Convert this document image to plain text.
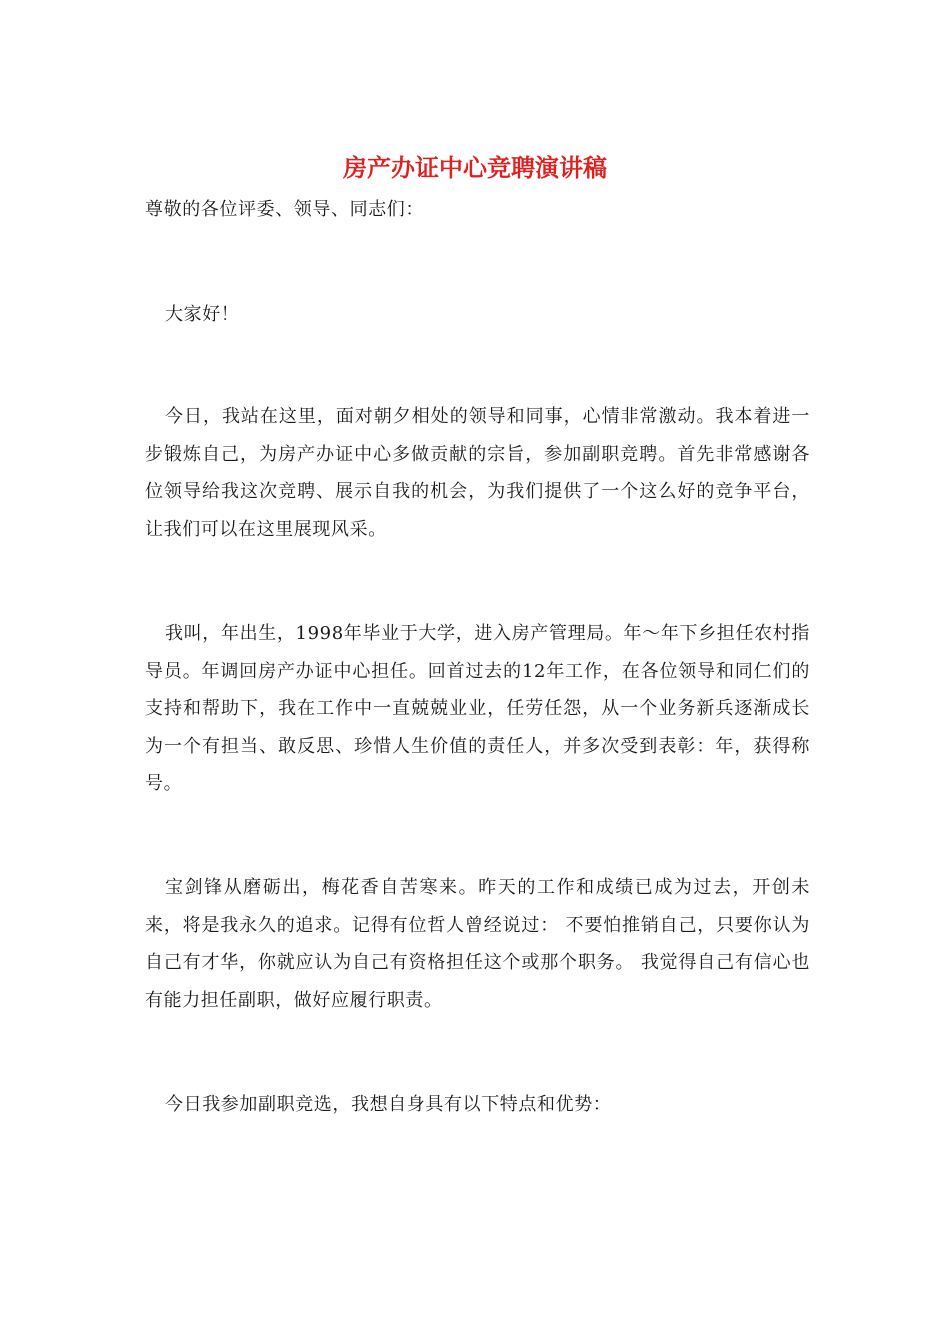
房产办证中心竞聘演讲稿

尊敬的各位评委、领导、同志们：

大家好！

今日，我站在这里，面对朝夕相处的领导和同事，心情非常激动。我本着进一步锻炼自己，为房产办证中心多做贡献的宗旨，参加副职竞聘。首先非常感谢各位领导给我这次竞聘、展示自我的机会，为我们提供了一个这么好的竞争平台，让我们可以在这里展现风采。

我叫，年出生，1998年毕业于大学，进入房产管理局。年～年下乡担任农村指导员。年调回房产办证中心担任。回首过去的12年工作，在各位领导和同仁们的支持和帮助下，我在工作中一直兢兢业业，任劳任怨，从一个业务新兵逐渐成长为一个有担当、敢反思、珍惜人生价值的责任人，并多次受到表彰：年，获得称号。

宝剑锋从磨砺出，梅花香自苦寒来。昨天的工作和成绩已成为过去，开创未来，将是我永久的追求。记得有位哲人曾经说过： 不要怕推销自己，只要你认为自己有才华，你就应认为自己有资格担任这个或那个职务。 我觉得自己有信心也有能力担任副职，做好应履行职责。

今日我参加副职竞选，我想自身具有以下特点和优势：
